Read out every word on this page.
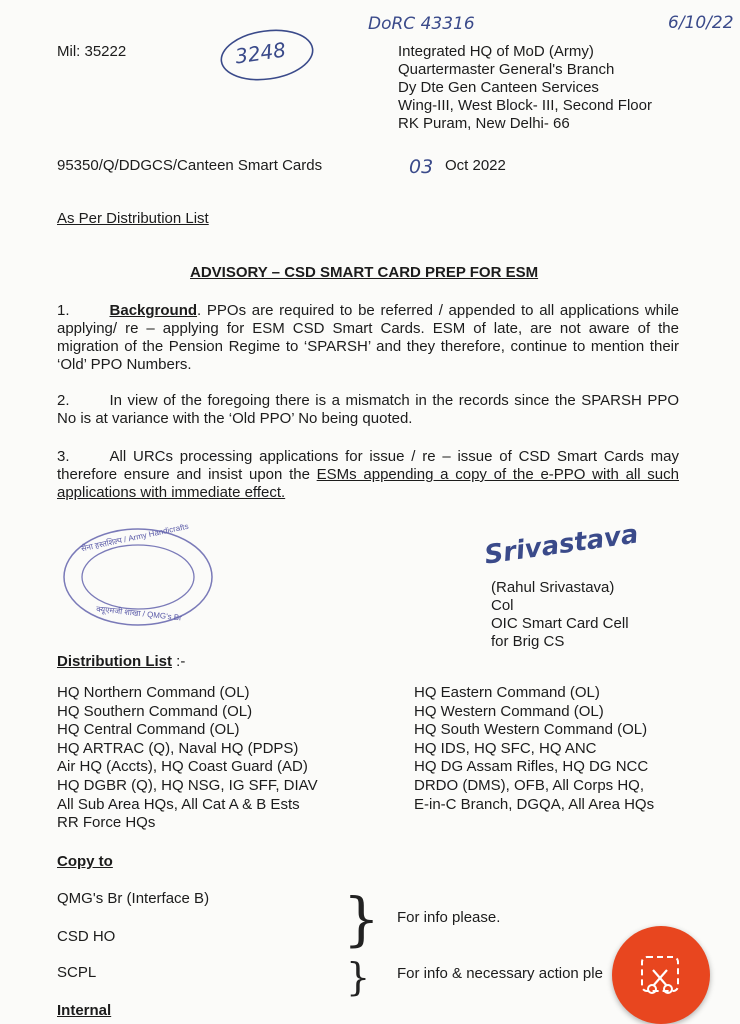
DoRC 43316	6/10/22
3248
Mil: 35222	Integrated HQ of MoD (Army)
Quartermaster General's Branch
Dy Dte Gen Canteen Services
Wing-III, West Block- III, Second Floor
RK Puram, New Delhi- 66
95350/Q/DDGCS/Canteen Smart Cards	03 Oct 2022
As Per Distribution List
ADVISORY – CSD SMART CARD PREP FOR ESM
1.	Background. PPOs are required to be referred / appended to all applications while applying/ re – applying for ESM CSD Smart Cards. ESM of late, are not aware of the migration of the Pension Regime to ‘SPARSH’ and they therefore, continue to mention their ‘Old’ PPO Numbers.
2.	In view of the foregoing there is a mismatch in the records since the SPARSH PPO No is at variance with the ‘Old PPO’ No being quoted.
3.	All URCs processing applications for issue / re – issue of CSD Smart Cards may therefore ensure and insist upon the ESMs appending a copy of the e-PPO with all such applications with immediate effect.
सेना हस्तशिल्प / Army Handicrafts
क्यूएमजी शाखा / QMG's Br
Srivastava
(Rahul Srivastava)
Col
OIC Smart Card Cell
for Brig CS
Distribution List :-
HQ Northern Command (OL)
HQ Southern Command (OL)
HQ Central Command (OL)
HQ ARTRAC (Q), Naval HQ (PDPS)
Air HQ (Accts), HQ Coast Guard (AD)
HQ DGBR (Q), HQ NSG, IG SFF, DIAV
All Sub Area HQs, All Cat A & B Ests
RR Force HQs
HQ Eastern Command (OL)
HQ Western Command (OL)
HQ South Western Command (OL)
HQ IDS, HQ SFC, HQ ANC
HQ DG Assam Rifles, HQ DG NCC
DRDO (DMS), OFB, All Corps HQ,
E-in-C Branch, DGQA, All Area HQs
Copy to
QMG's Br (Interface B)
CSD HO
SCPL
}
}
For info please.
For info & necessary action ple
Internal
